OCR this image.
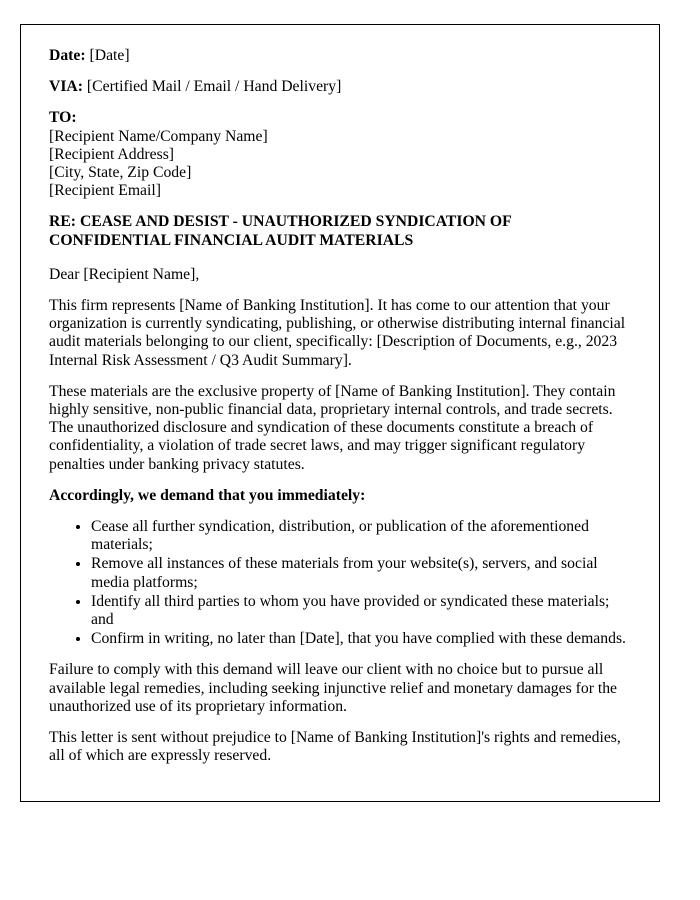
Date: [Date]
VIA: [Certified Mail / Email / Hand Delivery]

TO:

[Recipient Name/Company Name]

[Recipient Address]

[City, State, Zip Code]

[Recipient Email]

RE: CEASE AND DESIST - UNAUTHORIZED SYNDICATION OF CONFIDENTIAL FINANCIAL AUDIT MATERIALS

Dear [Recipient Name],

This firm represents [Name of Banking Institution]. It has come to our attention that your organization is currently syndicating, publishing, or otherwise distributing internal financial audit materials belonging to our client, specifically: [Description of Documents, e.g., 2023 Internal Risk Assessment / Q3 Audit Summary].

These materials are the exclusive property of [Name of Banking Institution]. They contain highly sensitive, non-public financial data, proprietary internal controls, and trade secrets. The unauthorized disclosure and syndication of these documents constitute a breach of confidentiality, a violation of trade secret laws, and may trigger significant regulatory penalties under banking privacy statutes.

Accordingly, we demand that you immediately:

• Cease all further syndication, distribution, or publication of the aforementioned materials;
• Remove all instances of these materials from your website(s), servers, and social media platforms;
• Identify all third parties to whom you have provided or syndicated these materials; and
• Confirm in writing, no later than [Date], that you have complied with these demands.

Failure to comply with this demand will leave our client with no choice but to pursue all available legal remedies, including seeking injunctive relief and monetary damages for the unauthorized use of its proprietary information.

This letter is sent without prejudice to [Name of Banking Institution]'s rights and remedies, all of which are expressly reserved.
